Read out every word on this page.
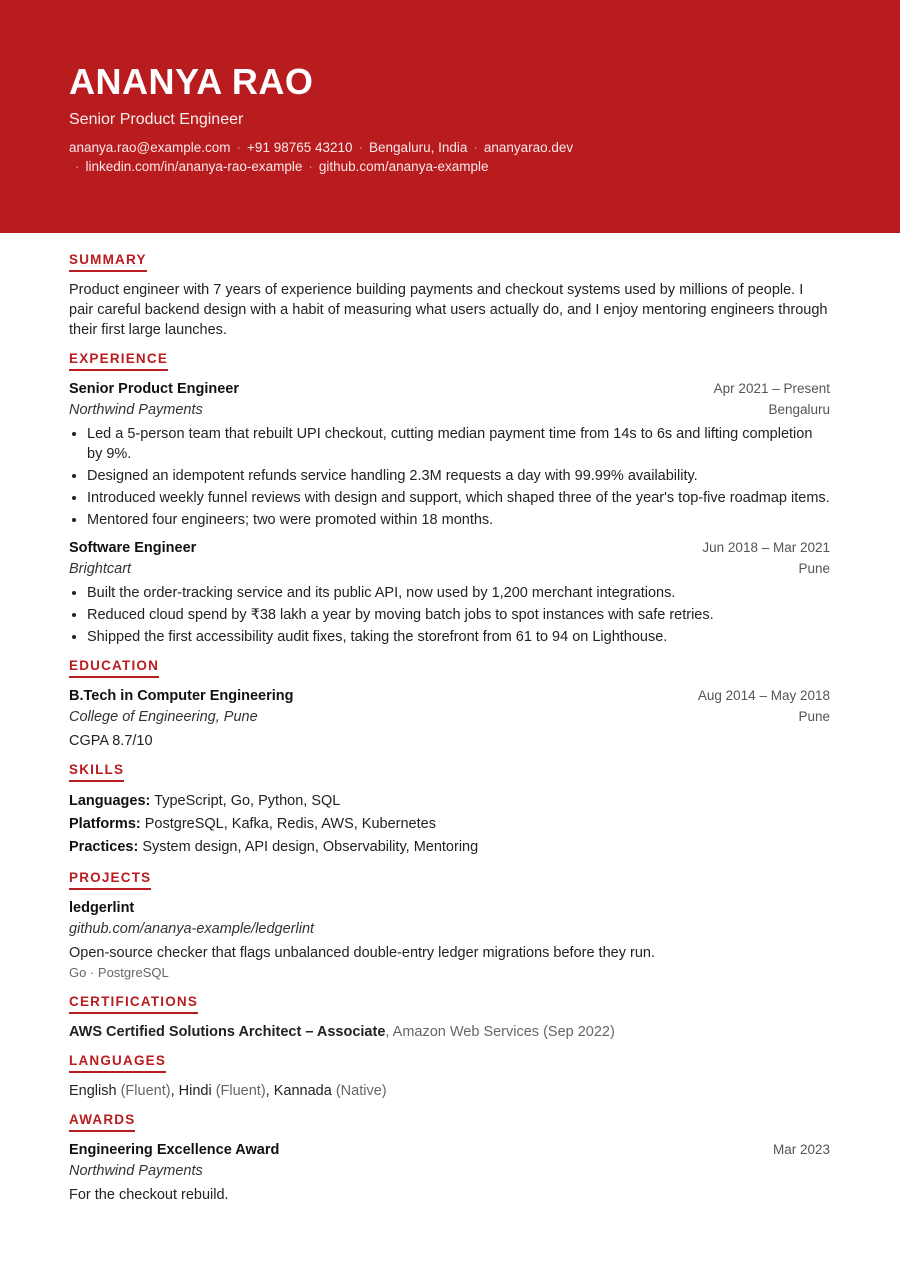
ANANYA RAO
Senior Product Engineer
ananya.rao@example.com · +91 98765 43210 · Bengaluru, India · ananyarao.dev
· linkedin.com/in/ananya-rao-example · github.com/ananya-example
SUMMARY
Product engineer with 7 years of experience building payments and checkout systems used by millions of people. I pair careful backend design with a habit of measuring what users actually do, and I enjoy mentoring engineers through their first large launches.
EXPERIENCE
Senior Product Engineer	Apr 2021 – Present
Northwind Payments	Bengaluru
• Led a 5-person team that rebuilt UPI checkout, cutting median payment time from 14s to 6s and lifting completion by 9%.
• Designed an idempotent refunds service handling 2.3M requests a day with 99.99% availability.
• Introduced weekly funnel reviews with design and support, which shaped three of the year's top-five roadmap items.
• Mentored four engineers; two were promoted within 18 months.
Software Engineer	Jun 2018 – Mar 2021
Brightcart	Pune
• Built the order-tracking service and its public API, now used by 1,200 merchant integrations.
• Reduced cloud spend by ₹38 lakh a year by moving batch jobs to spot instances with safe retries.
• Shipped the first accessibility audit fixes, taking the storefront from 61 to 94 on Lighthouse.
EDUCATION
B.Tech in Computer Engineering	Aug 2014 – May 2018
College of Engineering, Pune	Pune
CGPA 8.7/10
SKILLS
Languages: TypeScript, Go, Python, SQL
Platforms: PostgreSQL, Kafka, Redis, AWS, Kubernetes
Practices: System design, API design, Observability, Mentoring
PROJECTS
ledgerlint
github.com/ananya-example/ledgerlint
Open-source checker that flags unbalanced double-entry ledger migrations before they run.
Go · PostgreSQL
CERTIFICATIONS
AWS Certified Solutions Architect – Associate, Amazon Web Services (Sep 2022)
LANGUAGES
English (Fluent), Hindi (Fluent), Kannada (Native)
AWARDS
Engineering Excellence Award	Mar 2023
Northwind Payments
For the checkout rebuild.
